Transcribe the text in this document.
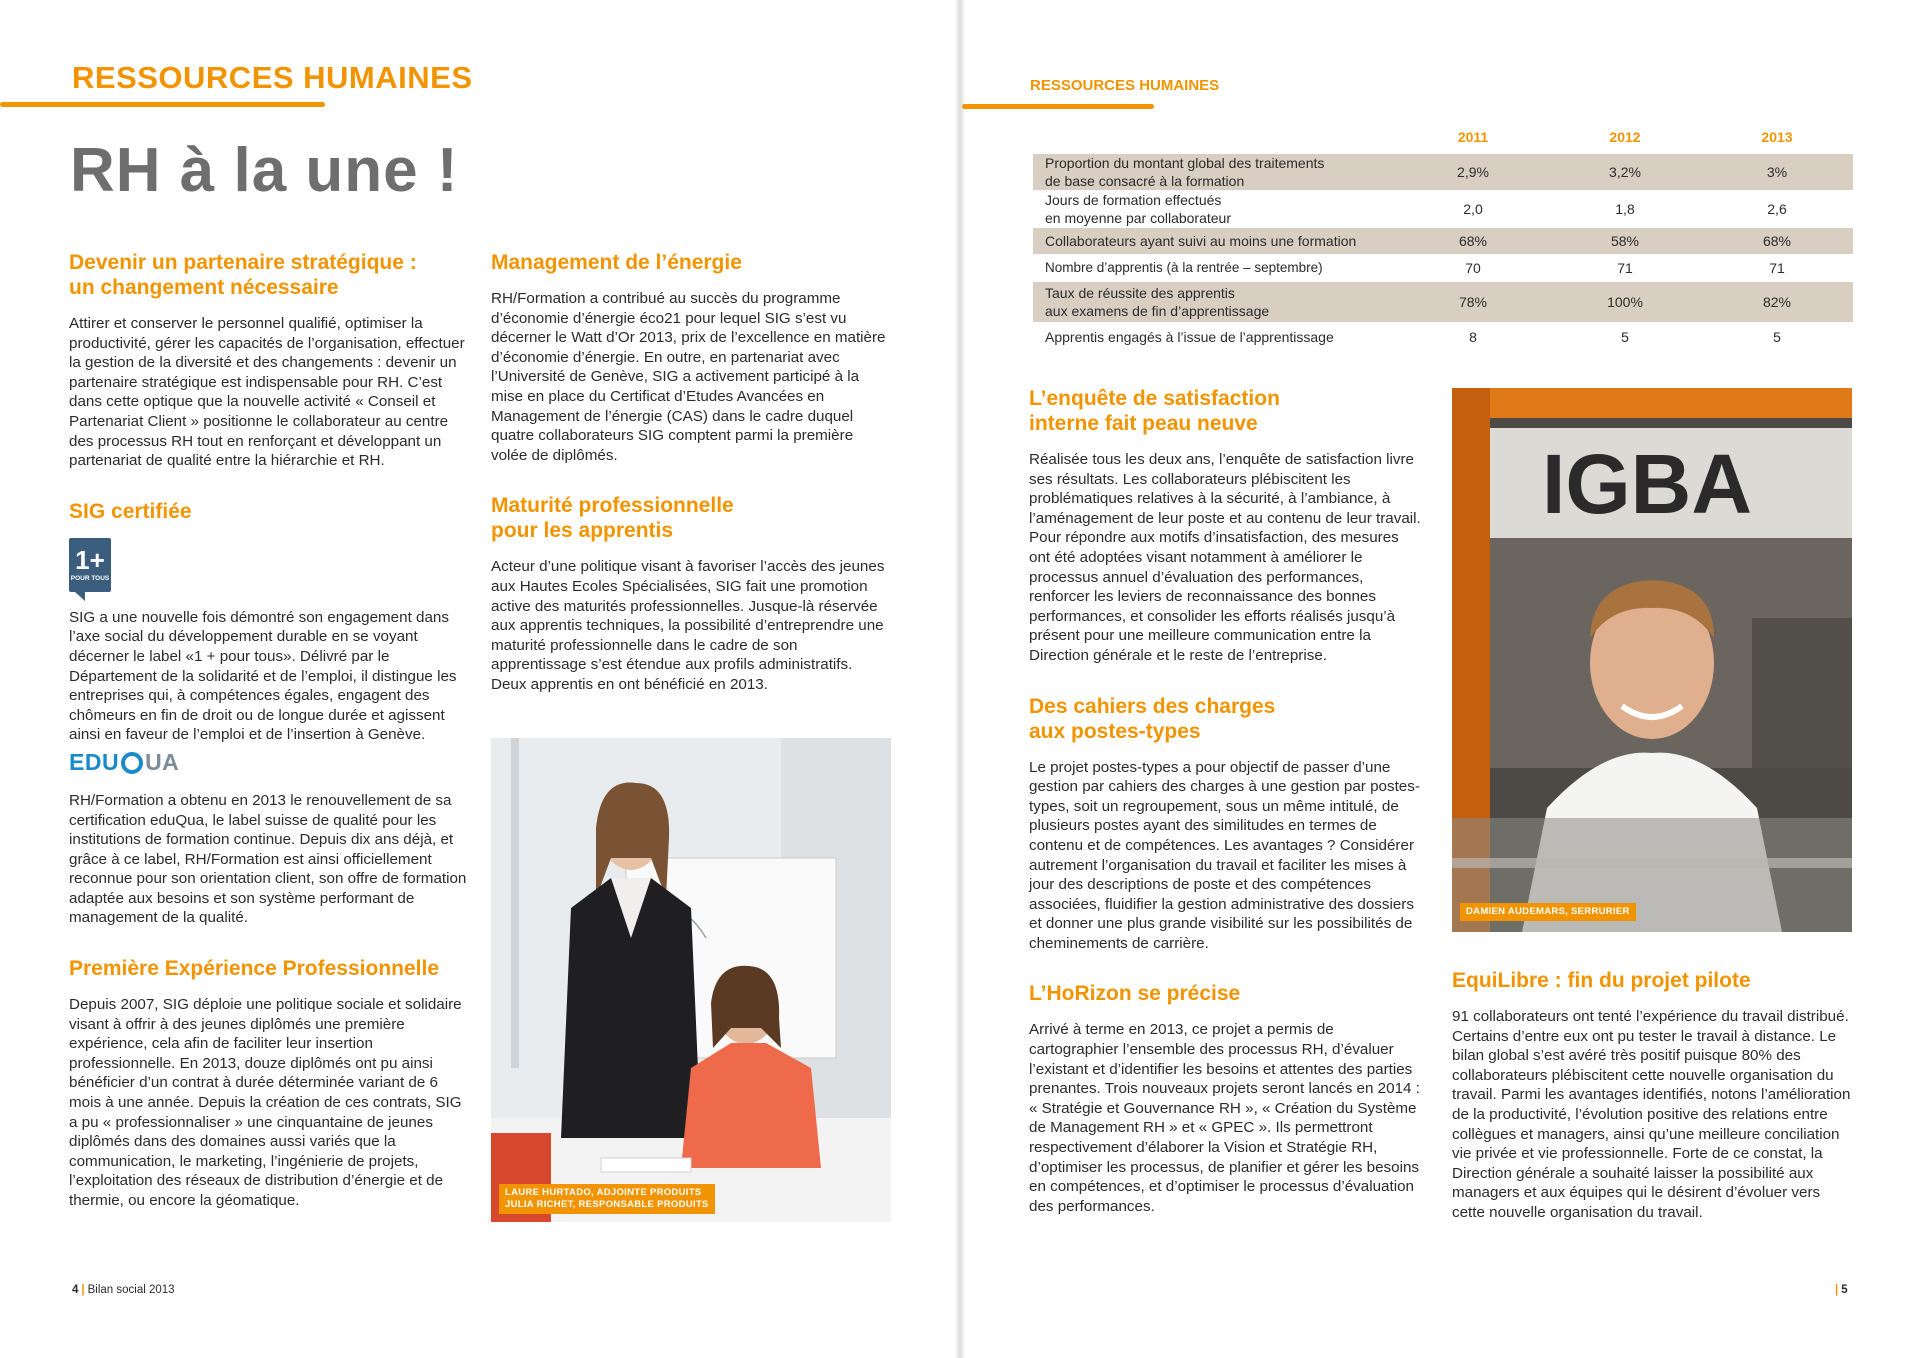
RESSOURCES HUMAINES
RH à la une !
Devenir un partenaire stratégique :
un changement nécessaire

Attirer et conserver le personnel qualifié, optimiser la productivité, gérer les capacités de l’organisation, effectuer la gestion de la diversité et des changements : devenir un partenaire stratégique est indispensable pour RH. C’est dans cette optique que la nouvelle activité « Conseil et Partenariat Client » positionne le collaborateur au centre des processus RH tout en renforçant et développant un partenariat de qualité entre la hiérarchie et RH.

SIG certifiée
1+
POUR TOUS

SIG a une nouvelle fois démontré son engagement dans l’axe social du développement durable en se voyant décerner le label «1 + pour tous». Délivré par le Département de la solidarité et de l’emploi, il distingue les entreprises qui, à compétences égales, engagent des chômeurs en fin de droit ou de longue durée et agissent ainsi en faveur de l’emploi et de l’insertion à Genève.

EDU UA

RH/Formation a obtenu en 2013 le renouvellement de sa certification eduQua, le label suisse de qualité pour les institutions de formation continue. Depuis dix ans déjà, et grâce à ce label, RH/Formation est ainsi officiellement reconnue pour son orientation client, son offre de formation adaptée aux besoins et son système performant de management de la qualité.

Première Expérience Professionnelle

Depuis 2007, SIG déploie une politique sociale et solidaire visant à offrir à des jeunes diplômés une première expérience, cela afin de faciliter leur insertion professionnelle. En 2013, douze diplômés ont pu ainsi bénéficier d’un contrat à durée déterminée variant de 6 mois à une année. Depuis la création de ces contrats, SIG a pu « professionnaliser » une cinquantaine de jeunes diplômés dans des domaines aussi variés que la communication, le marketing, l’ingénierie de projets, l’exploitation des réseaux de distribution d’énergie et de thermie, ou encore la géomatique.

Management de l’énergie

RH/Formation a contribué au succès du programme d’économie d’énergie éco21 pour lequel SIG s’est vu décerner le Watt d’Or 2013, prix de l’excellence en matière d’économie d’énergie. En outre, en partenariat avec l’Université de Genève, SIG a activement participé à la mise en place du Certificat d’Etudes Avancées en Management de l’énergie (CAS) dans le cadre duquel quatre collaborateurs SIG comptent parmi la première volée de diplômés.

Maturité professionnelle
pour les apprentis

Acteur d’une politique visant à favoriser l’accès des jeunes aux Hautes Ecoles Spécialisées, SIG fait une promotion active des maturités professionnelles. Jusque-là réservée aux apprentis techniques, la possibilité d’entreprendre une maturité professionnelle dans le cadre de son apprentissage s’est étendue aux profils administratifs. Deux apprentis en ont bénéficié en 2013.

LAURE HURTADO, ADJOINTE PRODUITS
JULIA RICHET, RESPONSABLE PRODUITS
RESSOURCES HUMAINES
	2011	2012	2013
Proportion du montant global des traitements
de base consacré à la formation	2,9%	3,2%	3%
Jours de formation effectués
en moyenne par collaborateur	2,0	1,8	2,6
Collaborateurs ayant suivi au moins une formation	68%	58%	68%
Nombre d’apprentis (à la rentrée – septembre)	70	71	71
Taux de réussite des apprentis
aux examens de fin d’apprentissage	78%	100%	82%
Apprentis engagés à l’issue de l’apprentissage	8	5	5
L’enquête de satisfaction
interne fait peau neuve

Réalisée tous les deux ans, l’enquête de satisfaction livre ses résultats. Les collaborateurs plébiscitent les problématiques relatives à la sécurité, à l’ambiance, à l’aménagement de leur poste et au contenu de leur travail.

Pour répondre aux motifs d’insatisfaction, des mesures ont été adoptées visant notamment à améliorer le processus annuel d’évaluation des performances, renforcer les leviers de reconnaissance des bonnes performances, et consolider les efforts réalisés jusqu’à présent pour une meilleure communication entre la Direction générale et le reste de l’entreprise.

Des cahiers des charges
aux postes-types

Le projet postes-types a pour objectif de passer d’une gestion par cahiers des charges à une gestion par postes-types, soit un regroupement, sous un même intitulé, de plusieurs postes ayant des similitudes en termes de contenu et de compétences. Les avantages ? Considérer autrement l’organisation du travail et faciliter les mises à jour des descriptions de poste et des compétences associées, fluidifier la gestion administrative des dossiers et donner une plus grande visibilité sur les possibilités de cheminements de carrière.

L’HoRizon se précise

Arrivé à terme en 2013, ce projet a permis de cartographier l’ensemble des processus RH, d’évaluer l’existant et d’identifier les besoins et attentes des parties prenantes. Trois nouveaux projets seront lancés en 2014 : « Stratégie et Gouvernance RH », « Création du Système de Management RH » et « GPEC ». Ils permettront respectivement d’élaborer la Vision et Stratégie RH, d’optimiser les processus, de planifier et gérer les besoins en compétences, et d’optimiser le processus d’évaluation des performances.

IGBA
DAMIEN AUDEMARS, SERRURIER
EquiLibre : fin du projet pilote

91 collaborateurs ont tenté l’expérience du travail distribué. Certains d’entre eux ont pu tester le travail à distance. Le bilan global s’est avéré très positif puisque 80% des collaborateurs plébiscitent cette nouvelle organisation du travail. Parmi les avantages identifiés, notons l’amélioration de la productivité, l’évolution positive des relations entre collègues et managers, ainsi qu’une meilleure conciliation vie privée et vie professionnelle. Forte de ce constat, la Direction générale a souhaité laisser la possibilité aux managers et aux équipes qui le désirent d’évoluer vers cette nouvelle organisation du travail.

4 | Bilan social 2013	| 5
